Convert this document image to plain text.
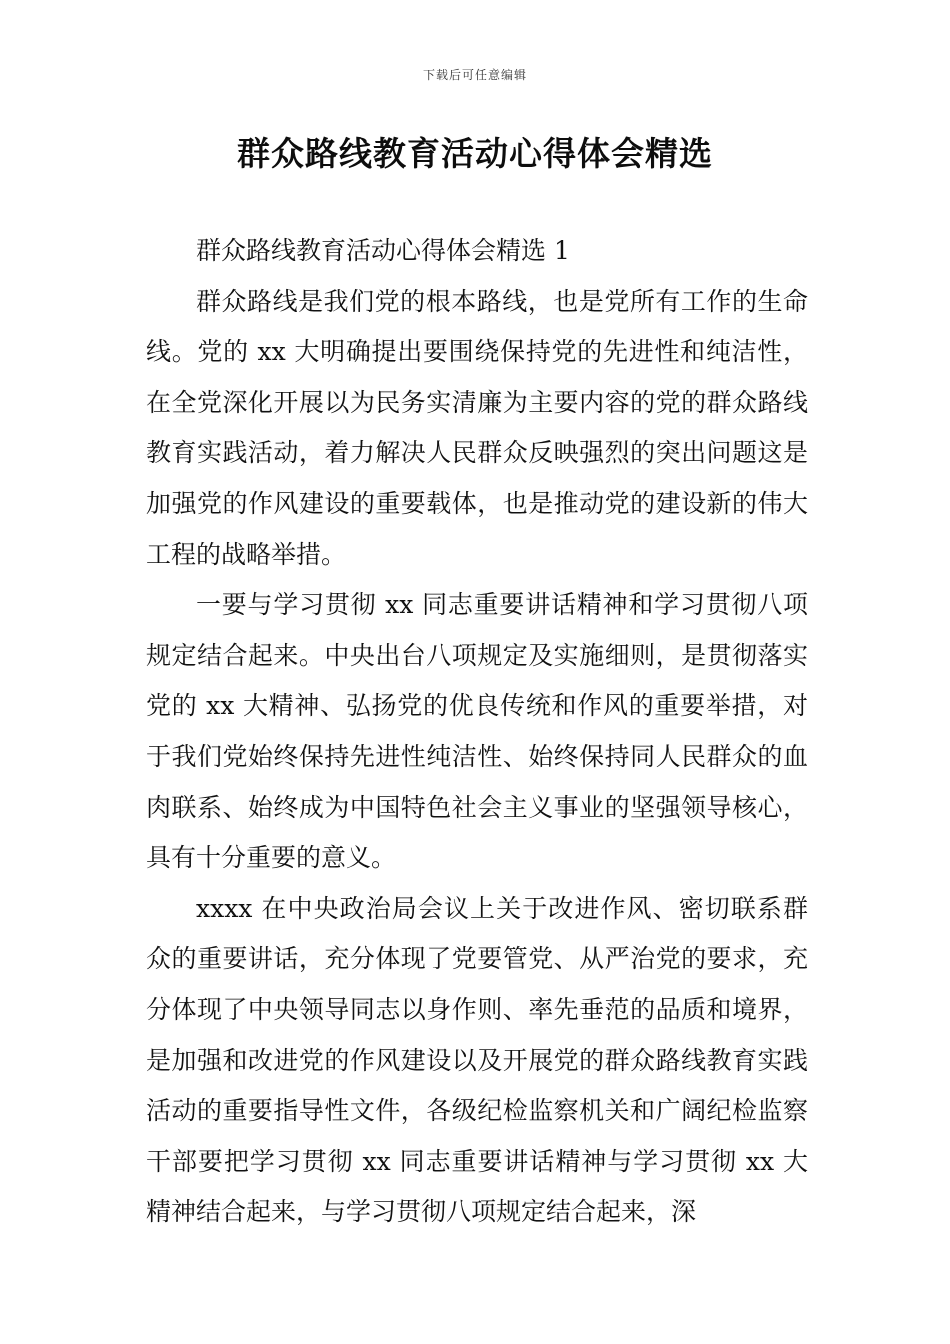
下载后可任意编辑
群众路线教育活动心得体会精选

群众路线教育活动心得体会精选 1

群众路线是我们党的根本路线，也是党所有工作的生命线。党的 xx 大明确提出要围绕保持党的先进性和纯洁性，在全党深化开展以为民务实清廉为主要内容的党的群众路线教育实践活动，着力解决人民群众反映强烈的突出问题这是加强党的作风建设的重要载体，也是推动党的建设新的伟大工程的战略举措。

一要与学习贯彻 xx 同志重要讲话精神和学习贯彻八项规定结合起来。中央出台八项规定及实施细则，是贯彻落实党的 xx 大精神、弘扬党的优良传统和作风的重要举措，对于我们党始终保持先进性纯洁性、始终保持同人民群众的血肉联系、始终成为中国特色社会主义事业的坚强领导核心，具有十分重要的意义。

xxxx 在中央政治局会议上关于改进作风、密切联系群众的重要讲话，充分体现了党要管党、从严治党的要求，充分体现了中央领导同志以身作则、率先垂范的品质和境界，是加强和改进党的作风建设以及开展党的群众路线教育实践活动的重要指导性文件，各级纪检监察机关和广阔纪检监察干部要把学习贯彻 xx 同志重要讲话精神与学习贯彻 xx 大精神结合起来，与学习贯彻八项规定结合起来，深
